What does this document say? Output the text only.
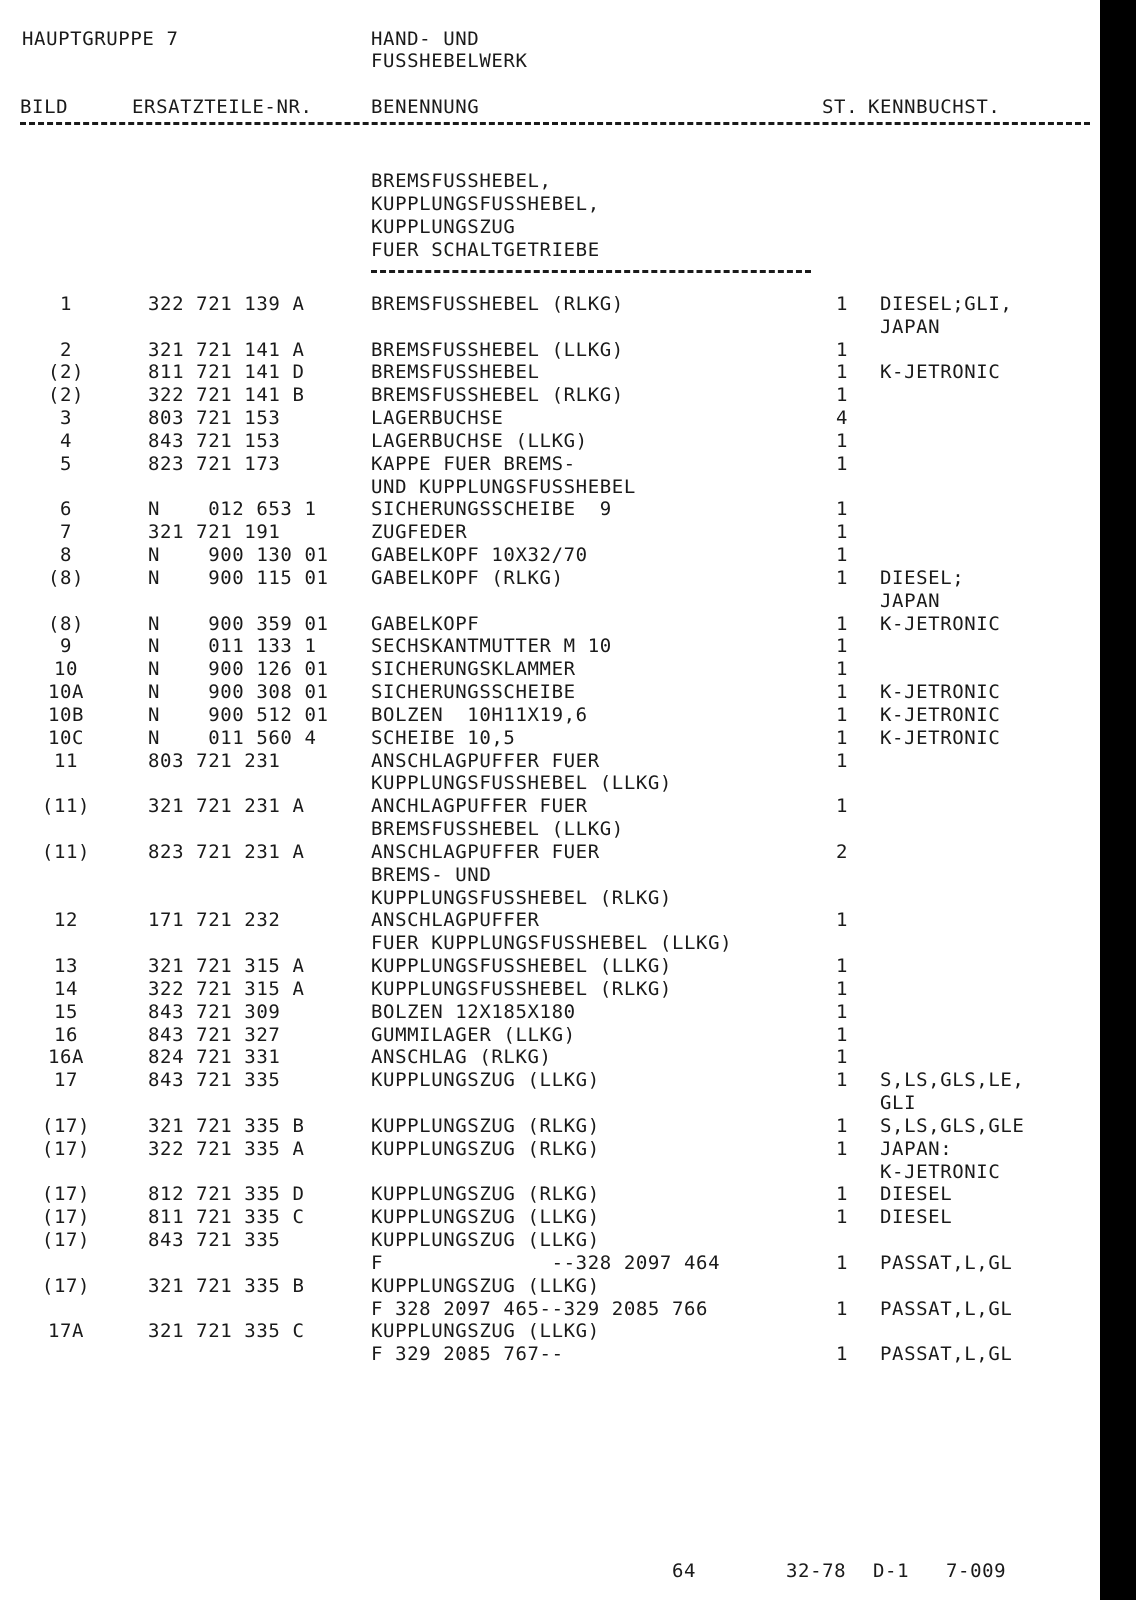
HAUPTGRUPPE 7	HAND- UND
FUSSHEBELWERK
BILD	ERSATZTEILE-NR.	BENENNUNG	ST. KENNBUCHST.
BREMSFUSSHEBEL,
KUPPLUNGSFUSSHEBEL,
KUPPLUNGSZUG
FUER SCHALTGETRIEBE
1	322 721 139 A	BREMSFUSSHEBEL (RLKG)	1 DIESEL;GLI,
JAPAN
2	321 721 141 A	BREMSFUSSHEBEL (LLKG)	1
(2)	811 721 141 D	BREMSFUSSHEBEL	1 K-JETRONIC
(2)	322 721 141 B	BREMSFUSSHEBEL (RLKG)	1
3	803 721 153	LAGERBUCHSE	4
4	843 721 153	LAGERBUCHSE (LLKG)	1
5	823 721 173	KAPPE FUER BREMS-	1
UND KUPPLUNGSFUSSHEBEL
6	N    012 653 1	SICHERUNGSSCHEIBE  9	1
7	321 721 191	ZUGFEDER	1
8	N    900 130 01 GABELKOPF 10X32/70	1
(8)	N    900 115 01 GABELKOPF (RLKG)	1 DIESEL;
JAPAN
(8)	N    900 359 01 GABELKOPF	1 K-JETRONIC
9	N    011 133 1	SECHSKANTMUTTER M 10	1
10	N    900 126 01 SICHERUNGSKLAMMER	1
10A	N    900 308 01 SICHERUNGSSCHEIBE	1 K-JETRONIC
10B	N    900 512 01 BOLZEN  10H11X19,6	1 K-JETRONIC
10C	N    011 560 4	SCHEIBE 10,5	1 K-JETRONIC
11	803 721 231	ANSCHLAGPUFFER FUER	1
KUPPLUNGSFUSSHEBEL (LLKG)
(11)	321 721 231 A	ANCHLAGPUFFER FUER	1
BREMSFUSSHEBEL (LLKG)
(11)	823 721 231 A	ANSCHLAGPUFFER FUER	2
BREMS- UND
KUPPLUNGSFUSSHEBEL (RLKG)
12	171 721 232	ANSCHLAGPUFFER	1
FUER KUPPLUNGSFUSSHEBEL (LLKG)
13	321 721 315 A	KUPPLUNGSFUSSHEBEL (LLKG)	1
14	322 721 315 A	KUPPLUNGSFUSSHEBEL (RLKG)	1
15	843 721 309	BOLZEN 12X185X180	1
16	843 721 327	GUMMILAGER (LLKG)	1
16A	824 721 331	ANSCHLAG (RLKG)	1
17	843 721 335	KUPPLUNGSZUG (LLKG)	1 S,LS,GLS,LE,
GLI
(17)	321 721 335 B	KUPPLUNGSZUG (RLKG)	1 S,LS,GLS,GLE
(17)	322 721 335 A	KUPPLUNGSZUG (RLKG)	1 JAPAN:
K-JETRONIC
(17)	812 721 335 D	KUPPLUNGSZUG (RLKG)	1 DIESEL
(17)	811 721 335 C	KUPPLUNGSZUG (LLKG)	1 DIESEL
(17)	843 721 335	KUPPLUNGSZUG (LLKG)
F              --328 2097 464	1 PASSAT,L,GL
(17)	321 721 335 B	KUPPLUNGSZUG (LLKG)
F 328 2097 465--329 2085 766	1 PASSAT,L,GL
17A	321 721 335 C	KUPPLUNGSZUG (LLKG)
F 329 2085 767--	1 PASSAT,L,GL
64	32-78 D-1 7-009
